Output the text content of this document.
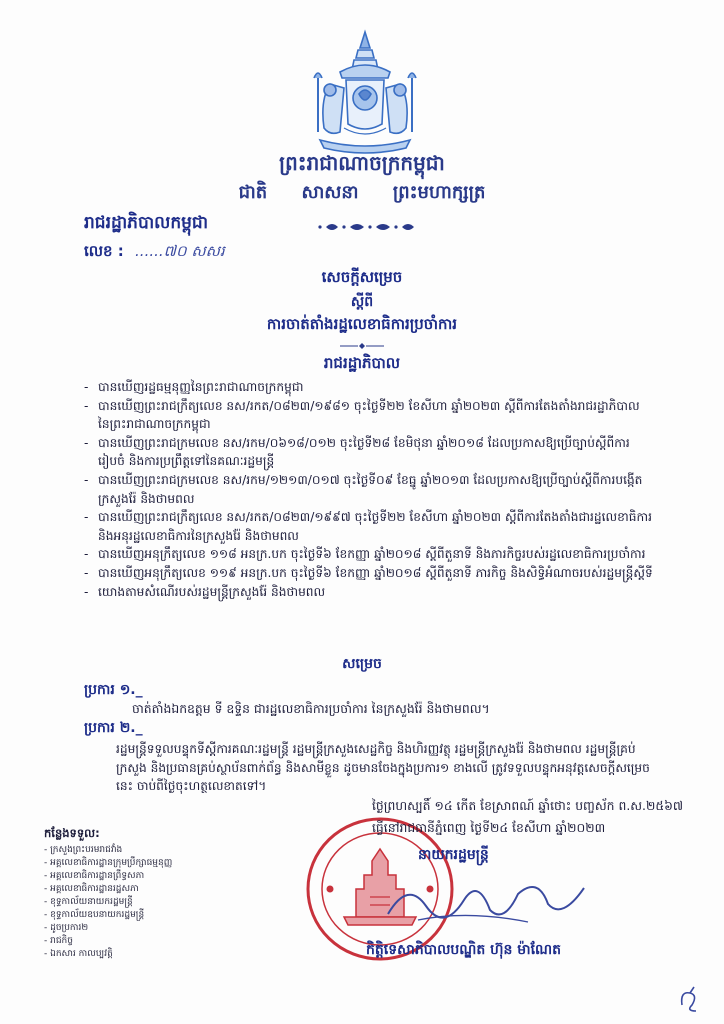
ព្រះរាជាណាចក្រកម្ពុជា
ជាតិ សាសនា ព្រះមហាក្សត្រ
រាជរដ្ឋាភិបាលកម្ពុជា
លេខ : ......៧០ សសរ
សេចក្តីសម្រេច
ស្តីពី
ការចាត់តាំងរដ្ឋលេខាធិការប្រចាំការ
រាជរដ្ឋាភិបាល
- បានឃើញរដ្ឋធម្មនុញ្ញនៃព្រះរាជាណាចក្រកម្ពុជា
- បានឃើញព្រះរាជក្រឹត្យលេខ នស/រកត/០៨២៣/១៩៨១ ចុះថ្ងៃទី២២ ខែសីហា ឆ្នាំ២០២៣ ស្តីពីការតែងតាំងរាជរដ្ឋាភិបាល នៃព្រះរាជាណាចក្រកម្ពុជា
- បានឃើញព្រះរាជក្រមលេខ នស/រកម/០៦១៨/០១២ ចុះថ្ងៃទី២៨ ខែមិថុនា ឆ្នាំ២០១៨ ដែលប្រកាសឱ្យប្រើច្បាប់ស្តីពីការរៀបចំ និងការប្រព្រឹត្តទៅនៃគណៈរដ្ឋមន្ត្រី
- បានឃើញព្រះរាជក្រមលេខ នស/រកម/១២១៣/០១៧ ចុះថ្ងៃទី០៩ ខែធ្នូ ឆ្នាំ២០១៣ ដែលប្រកាសឱ្យប្រើច្បាប់ស្តីពីការបង្កើតក្រសួងរ៉ែ និងថាមពល
- បានឃើញព្រះរាជក្រឹត្យលេខ នស/រកត/០៨២៣/១៩៩៧ ចុះថ្ងៃទី២២ ខែសីហា ឆ្នាំ២០២៣ ស្តីពីការតែងតាំងជារដ្ឋលេខាធិការ និងអនុរដ្ឋលេខាធិការនៃក្រសួងរ៉ែ និងថាមពល
- បានឃើញអនុក្រឹត្យលេខ ១១៨ អនក្រ.បក ចុះថ្ងៃទី៦ ខែកញ្ញា ឆ្នាំ២០១៨ ស្តីពីតួនាទី និងភារកិច្ចរបស់រដ្ឋលេខាធិការប្រចាំការ
- បានឃើញអនុក្រឹត្យលេខ ១១៩ អនក្រ.បក ចុះថ្ងៃទី៦ ខែកញ្ញា ឆ្នាំ២០១៨ ស្តីពីតួនាទី ភារកិច្ច និងសិទ្ធិអំណាចរបស់រដ្ឋមន្ត្រីស្តីទី
- យោងតាមសំណើរបស់រដ្ឋមន្ត្រីក្រសួងរ៉ែ និងថាមពល
សម្រេច
ប្រការ ១._
ចាត់តាំងឯកឧត្តម ទី ឧទ្ទិន ជារដ្ឋលេខាធិការប្រចាំការ នៃក្រសួងរ៉ែ និងថាមពល។
ប្រការ ២._
រដ្ឋមន្ត្រីទទួលបន្ទុកទីស្តីការគណៈរដ្ឋមន្ត្រី រដ្ឋមន្ត្រីក្រសួងសេដ្ឋកិច្ច និងហិរញ្ញវត្ថុ រដ្ឋមន្ត្រីក្រសួងរ៉ែ និងថាមពល រដ្ឋមន្ត្រីគ្រប់ក្រសួង និងប្រធានគ្រប់ស្ថាប័នពាក់ព័ន្ធ និងសាមីខ្លួន ដូចមានចែងក្នុងប្រការ១ ខាងលើ ត្រូវទទួលបន្ទុកអនុវត្តសេចក្តីសម្រេចនេះ ចាប់ពីថ្ងៃចុះហត្ថលេខាតទៅ។
ថ្ងៃព្រហស្បតិ៍ ១៤ កើត ខែស្រាពណ៍ ឆ្នាំថោះ បញ្ចស័ក ព.ស.២៥៦៧
ធ្វើនៅរាជធានីភ្នំពេញ ថ្ងៃទី២៤ ខែសីហា ឆ្នាំ២០២៣
នាយករដ្ឋមន្ត្រី
កិត្តិទេសាភិបាលបណ្ឌិត ហ៊ុន ម៉ាណែត
កន្លែងទទួល:
- ក្រសួងព្រះបរមរាជវាំង
- អគ្គលេខាធិការដ្ឋានក្រុមប្រឹក្សាធម្មនុញ្ញ
- អគ្គលេខាធិការដ្ឋានព្រឹទ្ធសភា
- អគ្គលេខាធិការដ្ឋានរដ្ឋសភា
- ខុទ្ទកាល័យនាយករដ្ឋមន្ត្រី
- ខុទ្ទកាល័យឧបនាយករដ្ឋមន្ត្រី
- ដូចប្រការ២
- រាជកិច្ច
- ឯកសារ កាលប្បវត្តិ
